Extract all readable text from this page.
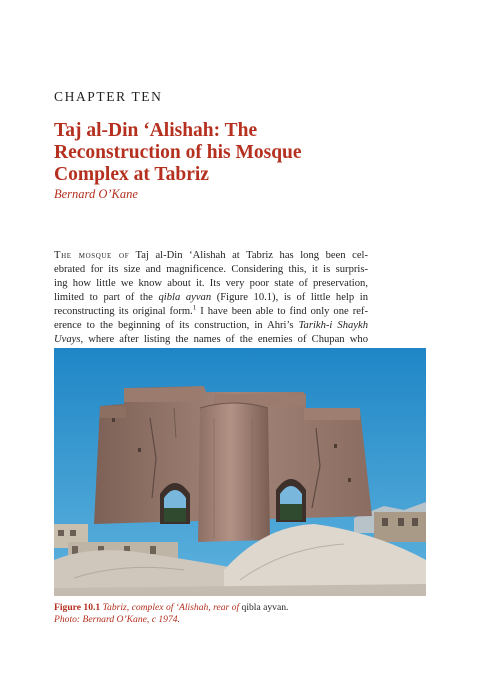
CHAPTER TEN
Taj al-Din ‘Alishah: The
Reconstruction of his Mosque
Complex at Tabriz
Bernard O’Kane
The mosque of Taj al-Din ‘Alishah at Tabriz has long been cel-
ebrated for its size and magnificence. Considering this, it is surpris-
ing how little we know about it. Its very poor state of preservation,
limited to part of the qibla ayvan (Figure 10.1), is of little help in
reconstructing its original form.$^1$ I have been able to find only one ref-
erence to the beginning of its construction, in Ahri’s Tarikh-i Shaykh
Uvays, where after listing the names of the enemies of Chupan who
Figure 10.1 Tabriz, complex of ‘Alishah, rear of qibla ayvan.
Photo: Bernard O’Kane, c 1974.
